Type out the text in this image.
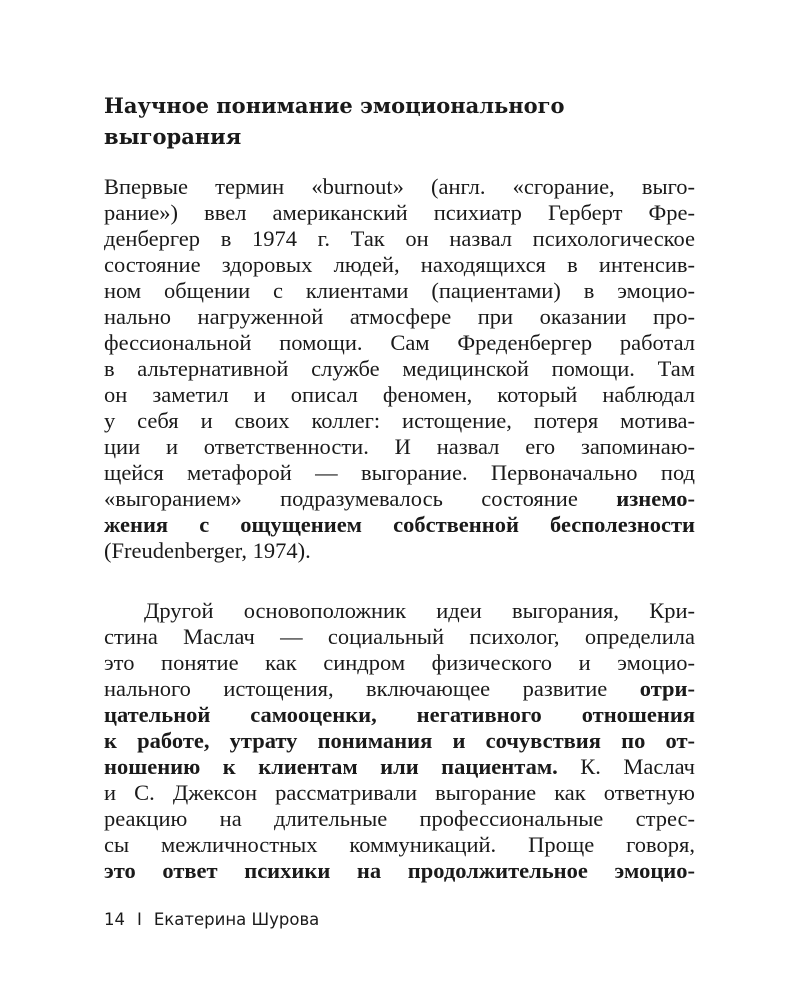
Научное понимание эмоционального
выгорания
Впервые термин «burnout» (англ. «сгорание, выго-
рание») ввел американский психиатр Герберт Фре-
денбергер в 1974 г. Так он назвал психологическое
состояние здоровых людей, находящихся в интенсив-
ном общении с клиентами (пациентами) в эмоцио-
нально нагруженной атмосфере при оказании про-
фессиональной помощи. Сам Фреденбергер работал
в альтернативной службе медицинской помощи. Там
он заметил и описал феномен, который наблюдал
у себя и своих коллег: истощение, потеря мотива-
ции и ответственности. И назвал его запоминаю-
щейся метафорой — выгорание. Первоначально под
«выгоранием» подразумевалось состояние изнемо-
жения с ощущением собственной бесполезности
(Freudenberger, 1974).
Другой основоположник идеи выгорания, Кри-
стина Маслач — социальный психолог, определила
это понятие как синдром физического и эмоцио-
нального истощения, включающее развитие отри-
цательной самооценки, негативного отношения
к работе, утрату понимания и сочувствия по от-
ношению к клиентам или пациентам. К. Маслач
и С. Джексон рассматривали выгорание как ответную
реакцию на длительные профессиональные стрес-
сы межличностных коммуникаций. Проще говоря,
это ответ психики на продолжительное эмоцио-
14 I Екатерина Шурова
